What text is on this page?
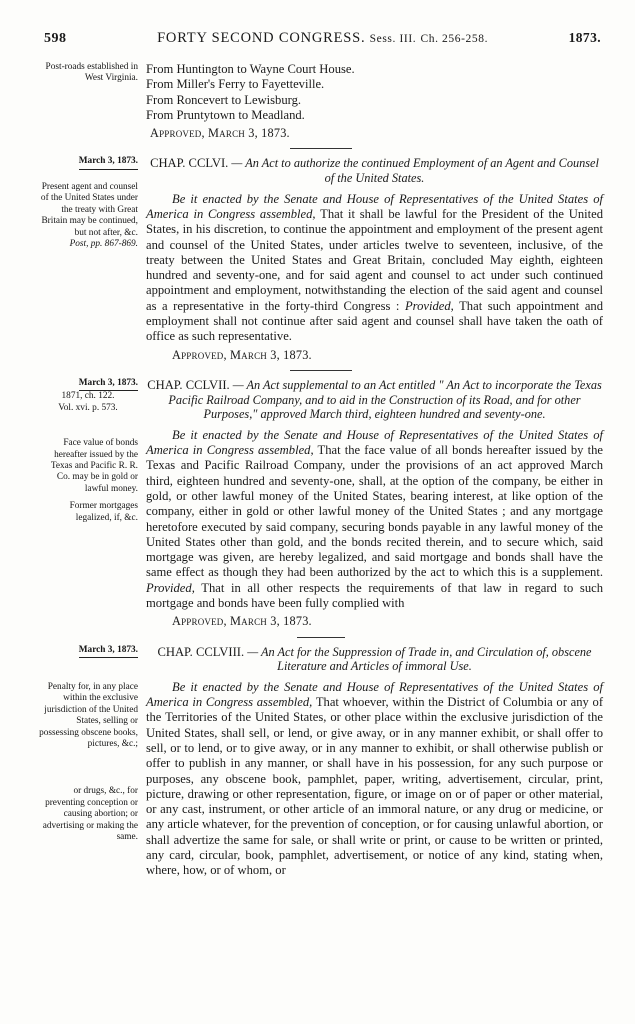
598	FORTY SECOND CONGRESS. Sess. III. Ch. 256-258.	1873.
Post-roads established in West Virginia.
From Huntington to Wayne Court House.
From Miller's Ferry to Fayetteville.
From Roncevert to Lewisburg.
From Pruntytown to Meadland.
Approved, March 3, 1873.
March 3, 1873.
Present agent and counsel of the United States under the treaty with Great Britain may be continued, but not after, &c.
Post, pp. 867-869.
CHAP. CCLVI. — An Act to authorize the continued Employment of an Agent and Counsel of the United States.

Be it enacted by the Senate and House of Representatives of the United States of America in Congress assembled, That it shall be lawful for the President of the United States, in his discretion, to continue the appointment and employment of the present agent and counsel of the United States, under articles twelve to seventeen, inclusive, of the treaty between the United States and Great Britain, concluded May eighth, eighteen hundred and seventy-one, and for said agent and counsel to act under such continued appointment and employment, notwithstanding the election of the said agent and counsel as a representative in the forty-third Congress : Provided, That such appointment and employment shall not continue after said agent and counsel shall have taken the oath of office as such representative.

Approved, March 3, 1873.
March 3, 1873.
1871, ch. 122.
Vol. xvi. p. 573.
Face value of bonds hereafter issued by the Texas and Pacific R. R. Co. may be in gold or lawful money.
Former mortgages legalized, if, &c.
CHAP. CCLVII. — An Act supplemental to an Act entitled " An Act to incorporate the Texas Pacific Railroad Company, and to aid in the Construction of its Road, and for other Purposes," approved March third, eighteen hundred and seventy-one.

Be it enacted by the Senate and House of Representatives of the United States of America in Congress assembled, That the face value of all bonds hereafter issued by the Texas and Pacific Railroad Company, under the provisions of an act approved March third, eighteen hundred and seventy-one, shall, at the option of the company, be either in gold, or other lawful money of the United States, bearing interest, at like option of the company, either in gold or other lawful money of the United States ; and any mortgage heretofore executed by said company, securing bonds payable in any lawful money of the United States other than gold, and the bonds recited therein, and to secure which, said mortgage was given, are hereby legalized, and said mortgage and bonds shall have the same effect as though they had been authorized by the act to which this is a supplement. Provided, That in all other respects the requirements of that law in regard to such mortgage and bonds have been fully complied with

Approved, March 3, 1873.
March 3, 1873.
Penalty for, in any place within the exclusive jurisdiction of the United States, selling or possessing obscene books, pictures, &c.;
or drugs, &c., for preventing conception or causing abortion; or advertising or making the same.
CHAP. CCLVIII. — An Act for the Suppression of Trade in, and Circulation of, obscene Literature and Articles of immoral Use.

Be it enacted by the Senate and House of Representatives of the United States of America in Congress assembled, That whoever, within the District of Columbia or any of the Territories of the United States, or other place within the exclusive jurisdiction of the United States, shall sell, or lend, or give away, or in any manner exhibit, or shall offer to sell, or to lend, or to give away, or in any manner to exhibit, or shall otherwise publish or offer to publish in any manner, or shall have in his possession, for any such purpose or purposes, any obscene book, pamphlet, paper, writing, advertisement, circular, print, picture, drawing or other representation, figure, or image on or of paper or other material, or any cast, instrument, or other article of an immoral nature, or any drug or medicine, or any article whatever, for the prevention of conception, or for causing unlawful abortion, or shall advertize the same for sale, or shall write or print, or cause to be written or printed, any card, circular, book, pamphlet, advertisement, or notice of any kind, stating when, where, how, or of whom, or
